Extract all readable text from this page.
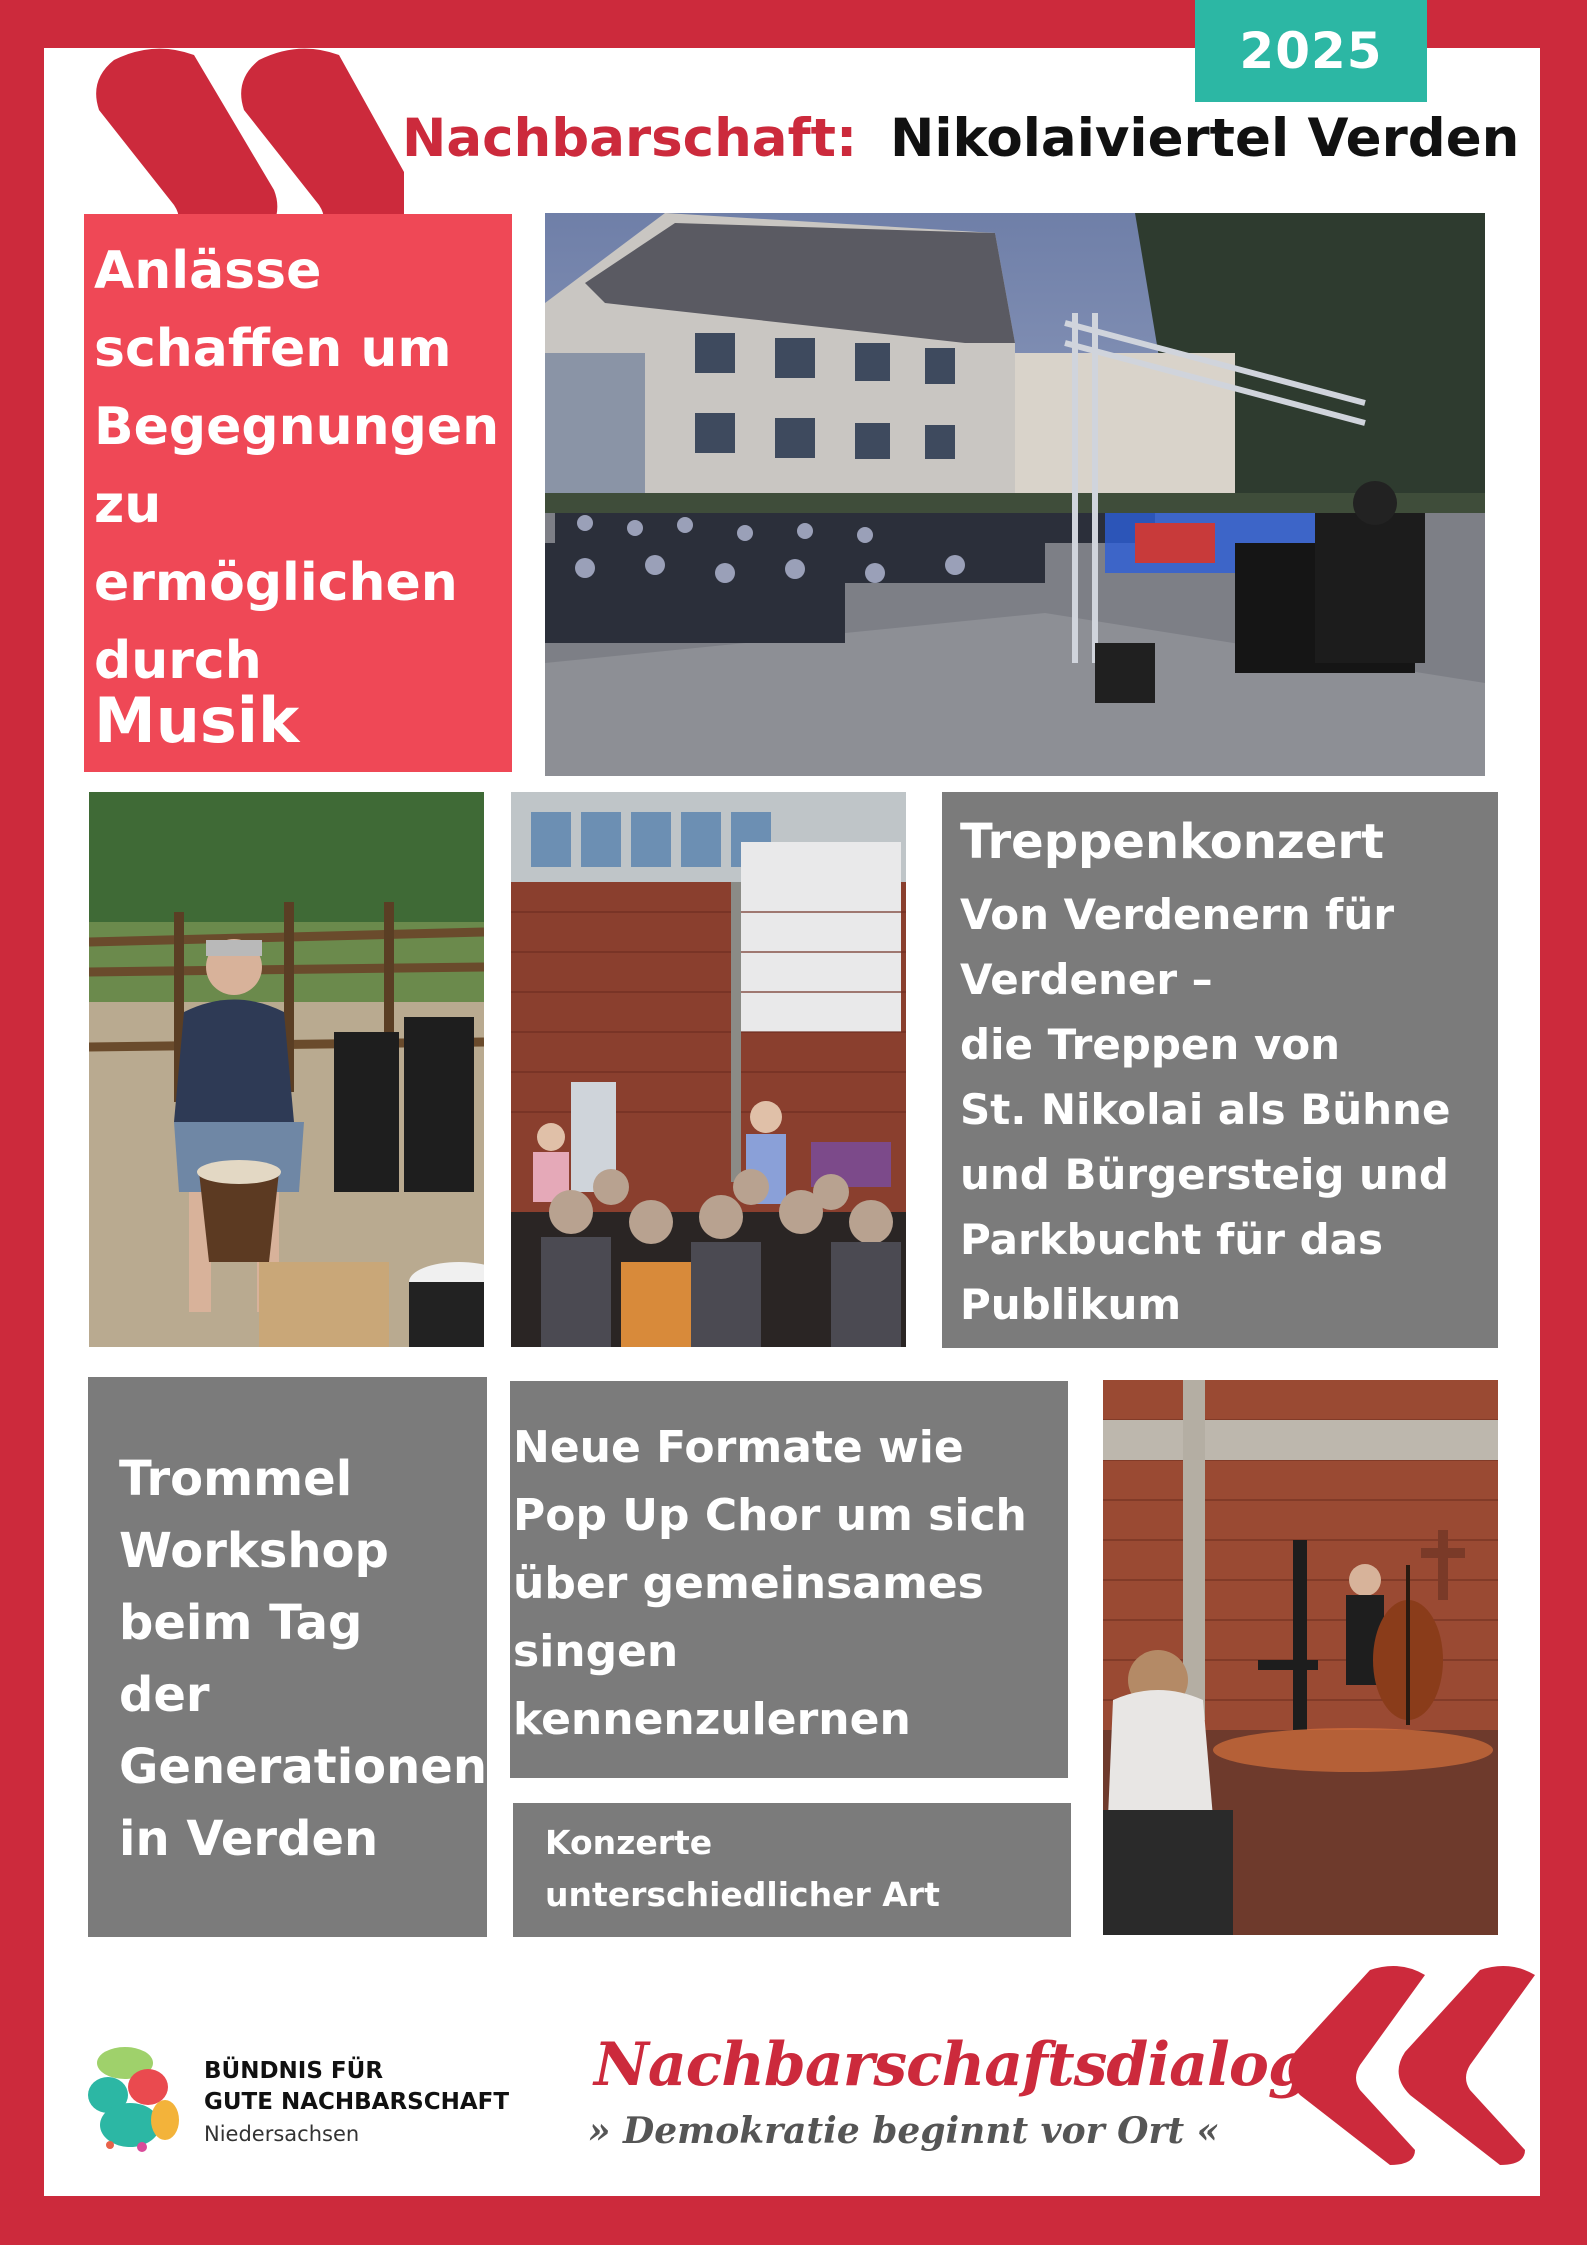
2025
Nachbarschaft: Nikolaiviertel Verden
Anlässe
schaffen um
Begegnungen
zu
ermöglichen
durch
Musik
Treppenkonzert
Von Verdenern für
Verdener –
die Treppen von
St. Nikolai als Bühne
und Bürgersteig und
Parkbucht für das
Publikum
Trommel
Workshop
beim Tag
der
Generationen
in Verden
Neue Formate wie
Pop Up Chor um sich
über gemeinsames
singen
kennenzulernen
Konzerte
unterschiedlicher Art
BÜNDNIS FÜR
GUTE NACHBARSCHAFT
Niedersachsen
Nachbarschaftsdialoge
» Demokratie beginnt vor Ort «
